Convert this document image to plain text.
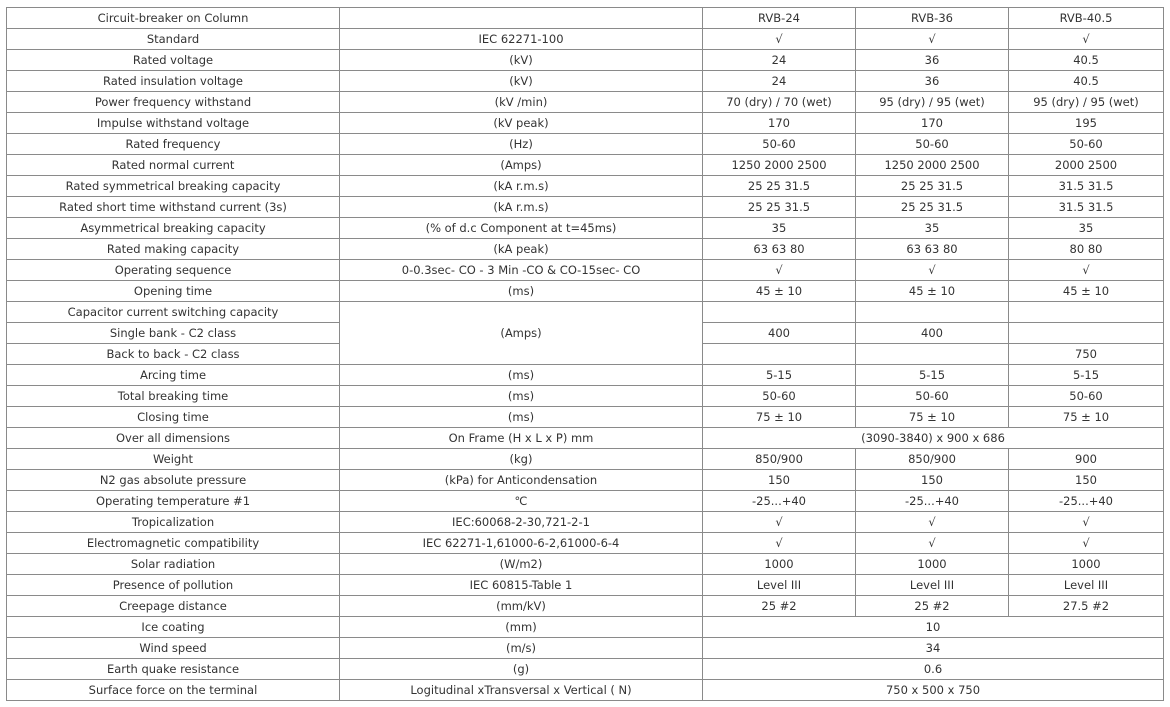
Circuit-breaker on Column		RVB-24	RVB-36	RVB-40.5
Standard	IEC 62271-100	√	√	√
Rated voltage	(kV)	24	36	40.5
Rated insulation voltage	(kV)	24	36	40.5
Power frequency withstand	(kV /min)	70 (dry) / 70 (wet)	95 (dry) / 95 (wet)	95 (dry) / 95 (wet)
Impulse withstand voltage	(kV peak)	170	170	195
Rated frequency	(Hz)	50-60	50-60	50-60
Rated normal current	(Amps)	1250 2000 2500	1250 2000 2500	2000 2500
Rated symmetrical breaking capacity	(kA r.m.s)	25 25 31.5	25 25 31.5	31.5 31.5
Rated short time withstand current (3s)	(kA r.m.s)	25 25 31.5	25 25 31.5	31.5 31.5
Asymmetrical breaking capacity	(% of d.c Component at t=45ms)	35	35	35
Rated making capacity	(kA peak)	63 63 80	63 63 80	80 80
Operating sequence	0-0.3sec- CO - 3 Min -CO & CO-15sec- CO	√	√	√
Opening time	(ms)	45 ± 10	45 ± 10	45 ± 10
Capacitor current switching capacity	(Amps)			
Single bank - C2 class		400	400	
Back to back - C2 class				750
Arcing time	(ms)	5-15	5-15	5-15
Total breaking time	(ms)	50-60	50-60	50-60
Closing time	(ms)	75 ± 10	75 ± 10	75 ± 10
Over all dimensions	On Frame (H x L x P) mm	(3090-3840) x 900 x 686		
Weight	(kg)	850/900	850/900	900
N2 gas absolute pressure	(kPa) for Anticondensation	150	150	150
Operating temperature #1	℃	-25...+40	-25...+40	-25...+40
Tropicalization	IEC:60068-2-30,721-2-1	√	√	√
Electromagnetic compatibility	IEC 62271-1,61000-6-2,61000-6-4	√	√	√
Solar radiation	(W/m2)	1000	1000	1000
Presence of pollution	IEC 60815-Table 1	Level III	Level III	Level III
Creepage distance	(mm/kV)	25 #2	25 #2	27.5 #2
Ice coating	(mm)	10		
Wind speed	(m/s)	34		
Earth quake resistance	(g)	0.6		
Surface force on the terminal	Logitudinal xTransversal x Vertical ( N)	750 x 500 x 750		
